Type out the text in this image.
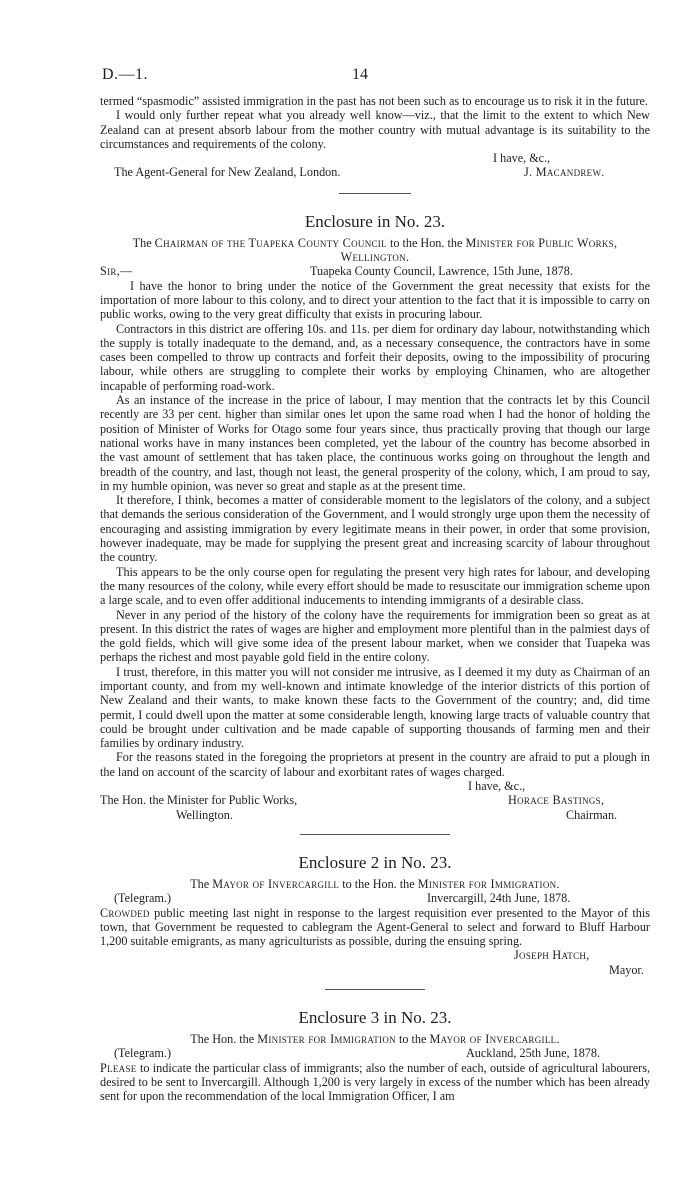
D.—1.	14

termed “spasmodic” assisted immigration in the past has not been such as to encourage us to risk it in the future.

I would only further repeat what you already well know—viz., that the limit to the extent to which New Zealand can at present absorb labour from the mother country with mutual advantage is its suitability to the circumstances and requirements of the colony.

I have, &c.,
The Agent-General for New Zealand, London.	J. Macandrew.
Enclosure in No. 23.

The Chairman of the Tuapeka County Council to the Hon. the Minister for Public Works, Wellington.

Sir,—	Tuapeka County Council, Lawrence, 15th June, 1878.

I have the honor to bring under the notice of the Government the great necessity that exists for the importation of more labour to this colony, and to direct your attention to the fact that it is impossible to carry on public works, owing to the very great difficulty that exists in procuring labour.

Contractors in this district are offering 10s. and 11s. per diem for ordinary day labour, notwithstanding which the supply is totally inadequate to the demand, and, as a necessary consequence, the contractors have in some cases been compelled to throw up contracts and forfeit their deposits, owing to the impossibility of procuring labour, while others are struggling to complete their works by employing Chinamen, who are altogether incapable of performing road-work.

As an instance of the increase in the price of labour, I may mention that the contracts let by this Council recently are 33 per cent. higher than similar ones let upon the same road when I had the honor of holding the position of Minister of Works for Otago some four years since, thus practically proving that though our large national works have in many instances been completed, yet the labour of the country has become absorbed in the vast amount of settlement that has taken place, the continuous works going on throughout the length and breadth of the country, and last, though not least, the general prosperity of the colony, which, I am proud to say, in my humble opinion, was never so great and staple as at the present time.

It therefore, I think, becomes a matter of considerable moment to the legislators of the colony, and a subject that demands the serious consideration of the Government, and I would strongly urge upon them the necessity of encouraging and assisting immigration by every legitimate means in their power, in order that some provision, however inadequate, may be made for supplying the present great and increasing scarcity of labour throughout the country.

This appears to be the only course open for regulating the present very high rates for labour, and developing the many resources of the colony, while every effort should be made to resuscitate our immigration scheme upon a large scale, and to even offer additional inducements to intending immigrants of a desirable class.

Never in any period of the history of the colony have the requirements for immigration been so great as at present. In this district the rates of wages are higher and employment more plentiful than in the palmiest days of the gold fields, which will give some idea of the present labour market, when we consider that Tuapeka was perhaps the richest and most payable gold field in the entire colony.

I trust, therefore, in this matter you will not consider me intrusive, as I deemed it my duty as Chairman of an important county, and from my well-known and intimate knowledge of the interior districts of this portion of New Zealand and their wants, to make known these facts to the Government of the country; and, did time permit, I could dwell upon the matter at some considerable length, knowing large tracts of valuable country that could be brought under cultivation and be made capable of supporting thousands of farming men and their families by ordinary industry.

For the reasons stated in the foregoing the proprietors at present in the country are afraid to put a plough in the land on account of the scarcity of labour and exorbitant rates of wages charged.

I have, &c.,
The Hon. the Minister for Public Works,	Horace Bastings,
Wellington.	Chairman.
Enclosure 2 in No. 23.

The Mayor of Invercargill to the Hon. the Minister for Immigration.

(Telegram.)	Invercargill, 24th June, 1878.

Crowded public meeting last night in response to the largest requisition ever presented to the Mayor of this town, that Government be requested to cablegram the Agent-General to select and forward to Bluff Harbour 1,200 suitable emigrants, as many agriculturists as possible, during the ensuing spring.

Joseph Hatch,
Mayor.
Enclosure 3 in No. 23.

The Hon. the Minister for Immigration to the Mayor of Invercargill.

(Telegram.)	Auckland, 25th June, 1878.

Please to indicate the particular class of immigrants; also the number of each, outside of agricultural labourers, desired to be sent to Invercargill. Although 1,200 is very largely in excess of the number which has been already sent for upon the recommendation of the local Immigration Officer, I am
